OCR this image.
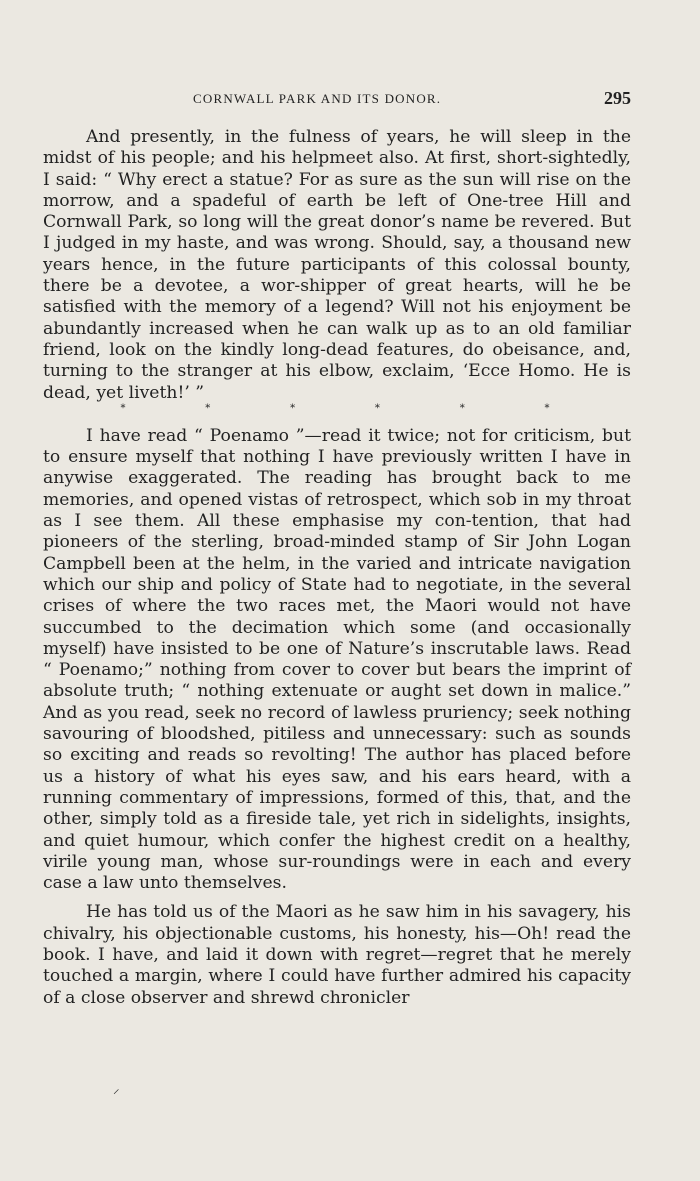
CORNWALL PARK AND ITS DONOR.	295

And presently, in the fulness of years, he will sleep in the midst of his people; and his helpmeet also. At first, short-sightedly, I said: “ Why erect a statue? For as sure as the sun will rise on the morrow, and a spadeful of earth be left of One-tree Hill and Cornwall Park, so long will the great donor’s name be revered. But I judged in my haste, and was wrong. Should, say, a thousand new years hence, in the future participants of this colossal bounty, there be a devotee, a wor-shipper of great hearts, will he be satisfied with the memory of a legend? Will not his enjoyment be abundantly increased when he can walk up as to an old familiar friend, look on the kindly long-dead features, do obeisance, and, turning to the stranger at his elbow, exclaim, ‘Ecce Homo. He is dead, yet liveth!’ ”

*	*	*	*	*	*

I have read “ Poenamo ”—read it twice; not for criticism, but to ensure myself that nothing I have previously written I have in anywise exaggerated. The reading has brought back to me memories, and opened vistas of retrospect, which sob in my throat as I see them. All these emphasise my con-tention, that had pioneers of the sterling, broad-minded stamp of Sir John Logan Campbell been at the helm, in the varied and intricate navigation which our ship and policy of State had to negotiate, in the several crises of where the two races met, the Maori would not have succumbed to the decimation which some (and occasionally myself) have insisted to be one of Nature’s inscrutable laws. Read “ Poenamo;” nothing from cover to cover but bears the imprint of absolute truth; “ nothing extenuate or aught set down in malice.” And as you read, seek no record of lawless pruriency; seek nothing savouring of bloodshed, pitiless and unnecessary: such as sounds so exciting and reads so revolting! The author has placed before us a history of what his eyes saw, and his ears heard, with a running commentary of impressions, formed of this, that, and the other, simply told as a fireside tale, yet rich in sidelights, insights, and quiet humour, which confer the highest credit on a healthy, virile young man, whose sur-roundings were in each and every case a law unto themselves.

He has told us of the Maori as he saw him in his savagery, his chivalry, his objectionable customs, his honesty, his—Oh! read the book. I have, and laid it down with regret—regret that he merely touched a margin, where I could have further admired his capacity of a close observer and shrewd chronicler

⸝
